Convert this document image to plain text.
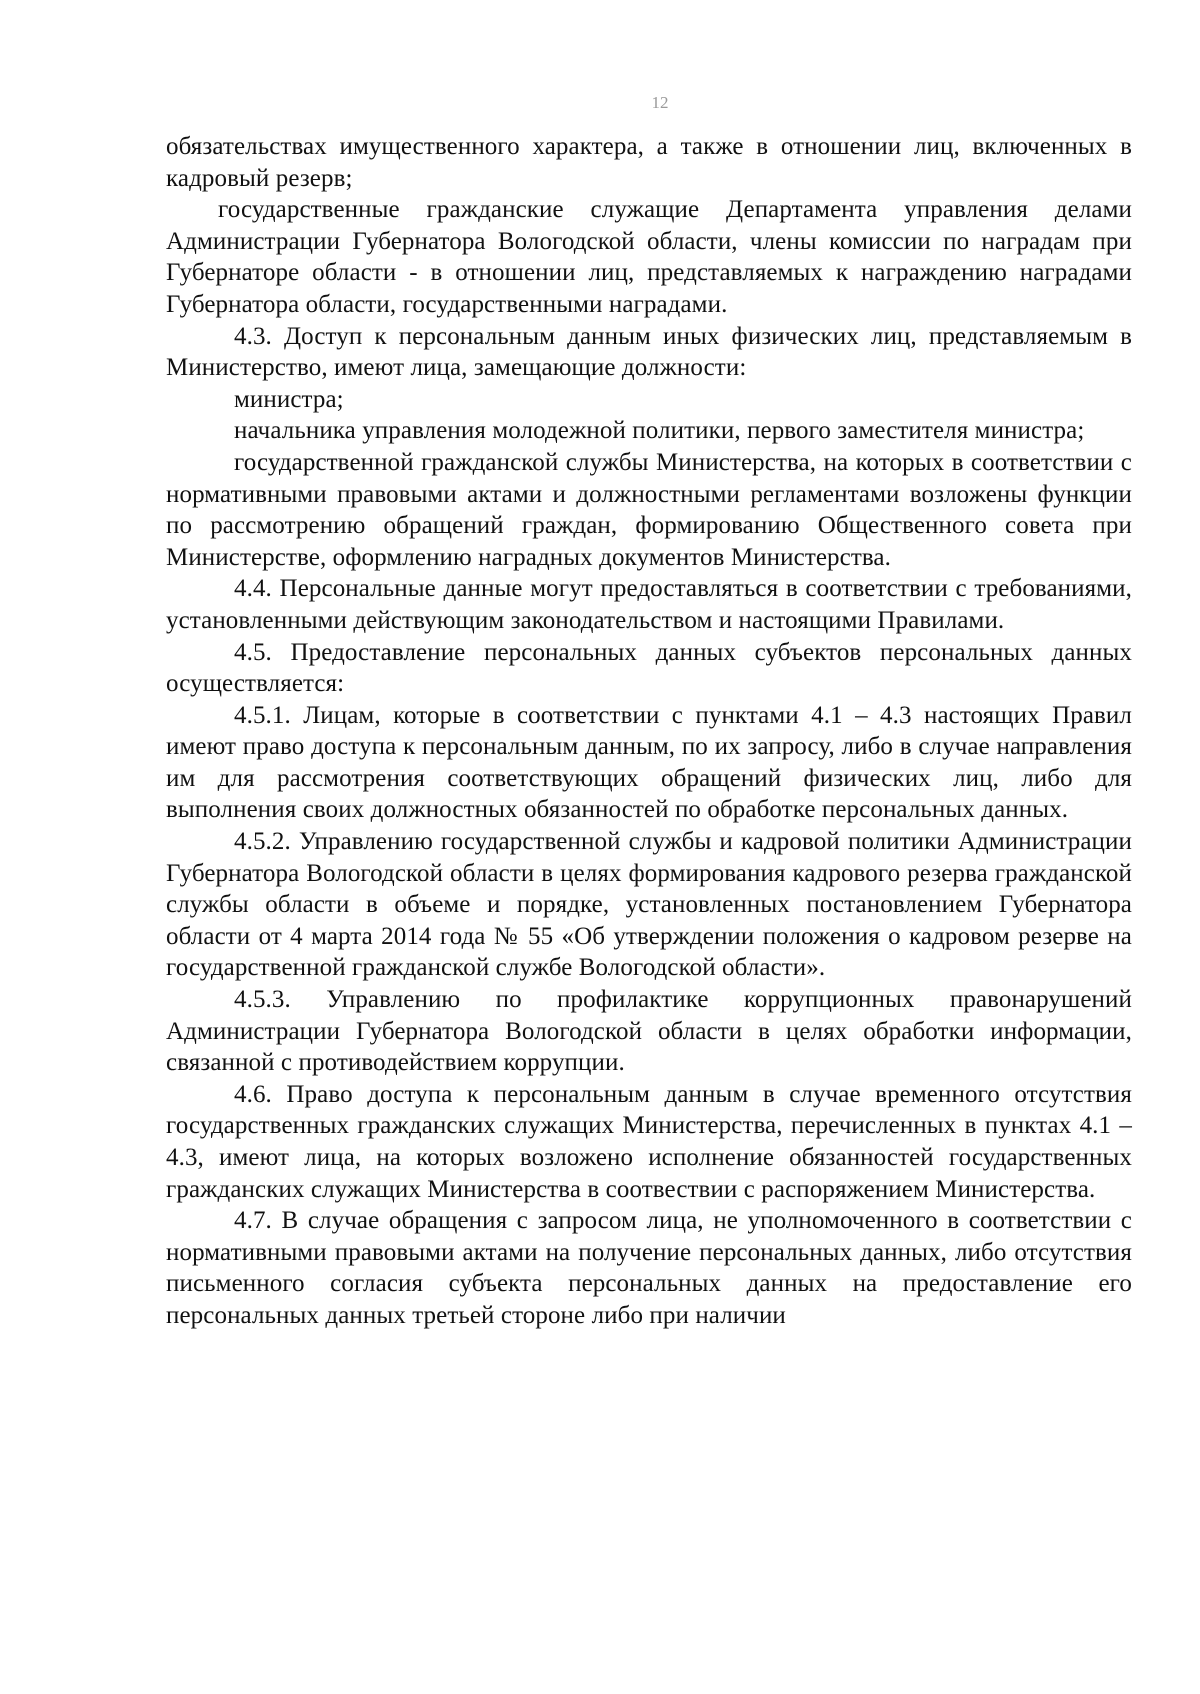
12

обязательствах имущественного характера, а также в отношении лиц, включенных в кадровый резерв;

государственные гражданские служащие Департамента управления делами Администрации Губернатора Вологодской области, члены комиссии по наградам при Губернаторе области - в отношении лиц, представляемых к награждению наградами Губернатора области, государственными наградами.

4.3. Доступ к персональным данным иных физических лиц, представляемым в Министерство, имеют лица, замещающие должности:

министра;

начальника управления молодежной политики, первого заместителя министра;

государственной гражданской службы Министерства, на которых в соответствии с нормативными правовыми актами и должностными регламентами возложены функции по рассмотрению обращений граждан, формированию Общественного совета при Министерстве, оформлению наградных документов Министерства.

4.4. Персональные данные могут предоставляться в соответствии с требованиями, установленными действующим законодательством и настоящими Правилами.

4.5. Предоставление персональных данных субъектов персональных данных осуществляется:

4.5.1. Лицам, которые в соответствии с пунктами 4.1 – 4.3 настоящих Правил имеют право доступа к персональным данным, по их запросу, либо в случае направления им для рассмотрения соответствующих обращений физических лиц, либо для выполнения своих должностных обязанностей по обработке персональных данных.

4.5.2. Управлению государственной службы и кадровой политики Администрации Губернатора Вологодской области в целях формирования кадрового резерва гражданской службы области в объеме и порядке, установленных постановлением Губернатора области от 4 марта 2014 года № 55 «Об утверждении положения о кадровом резерве на государственной гражданской службе Вологодской области».

4.5.3. Управлению по профилактике коррупционных правонарушений Администрации Губернатора Вологодской области в целях обработки информации, связанной с противодействием коррупции.

4.6. Право доступа к персональным данным в случае временного отсутствия государственных гражданских служащих Министерства, перечисленных в пунктах 4.1 – 4.3, имеют лица, на которых возложено исполнение обязанностей государственных гражданских служащих Министерства в соотвествии с распоряжением Министерства.

4.7. В случае обращения с запросом лица, не уполномоченного в соответствии с нормативными правовыми актами на получение персональных данных, либо отсутствия письменного согласия субъекта персональных данных на предоставление его персональных данных третьей стороне либо при наличии
